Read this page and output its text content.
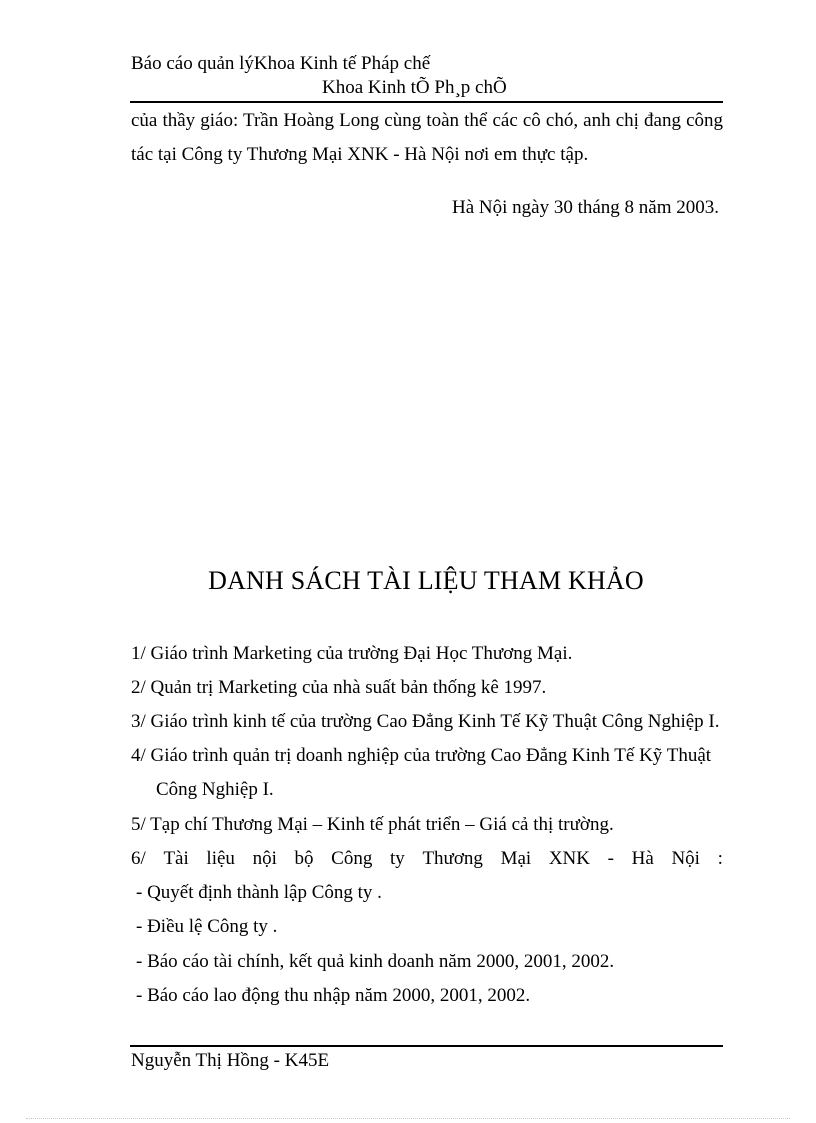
Báo cáo quản lýKhoa Kinh tế Pháp chế
Khoa Kinh tÕ Ph¸p chÕ
của thầy giáo: Trần Hoàng Long cùng toàn thể các cô chó, anh chị đang công
tác tại Công ty Thương Mại XNK - Hà Nội nơi em thực tập.
Hà Nội ngày 30 tháng 8 năm 2003.
DANH SÁCH TÀI LIỆU THAM KHẢO
1/ Giáo trình Marketing của trường Đại Học Thương Mại.
2/ Quản trị Marketing của nhà suất bản thống kê 1997.
3/ Giáo trình kinh tế của trường Cao Đẳng Kinh Tế Kỹ Thuật Công Nghiệp I.
4/ Giáo trình quản trị doanh nghiệp của trường Cao Đẳng Kinh Tế Kỹ Thuật
Công Nghiệp I.
5/ Tạp chí Thương Mại – Kinh tế phát triển – Giá cả thị trường.
6/ Tài liệu nội bộ Công ty Thương Mại XNK - Hà Nội :
- Quyết định thành lập Công ty .
- Điều lệ Công ty .
- Báo cáo tài chính, kết quả kinh doanh năm 2000, 2001, 2002.
- Báo cáo lao động thu nhập năm 2000, 2001, 2002.
Nguyễn Thị Hồng - K45E
